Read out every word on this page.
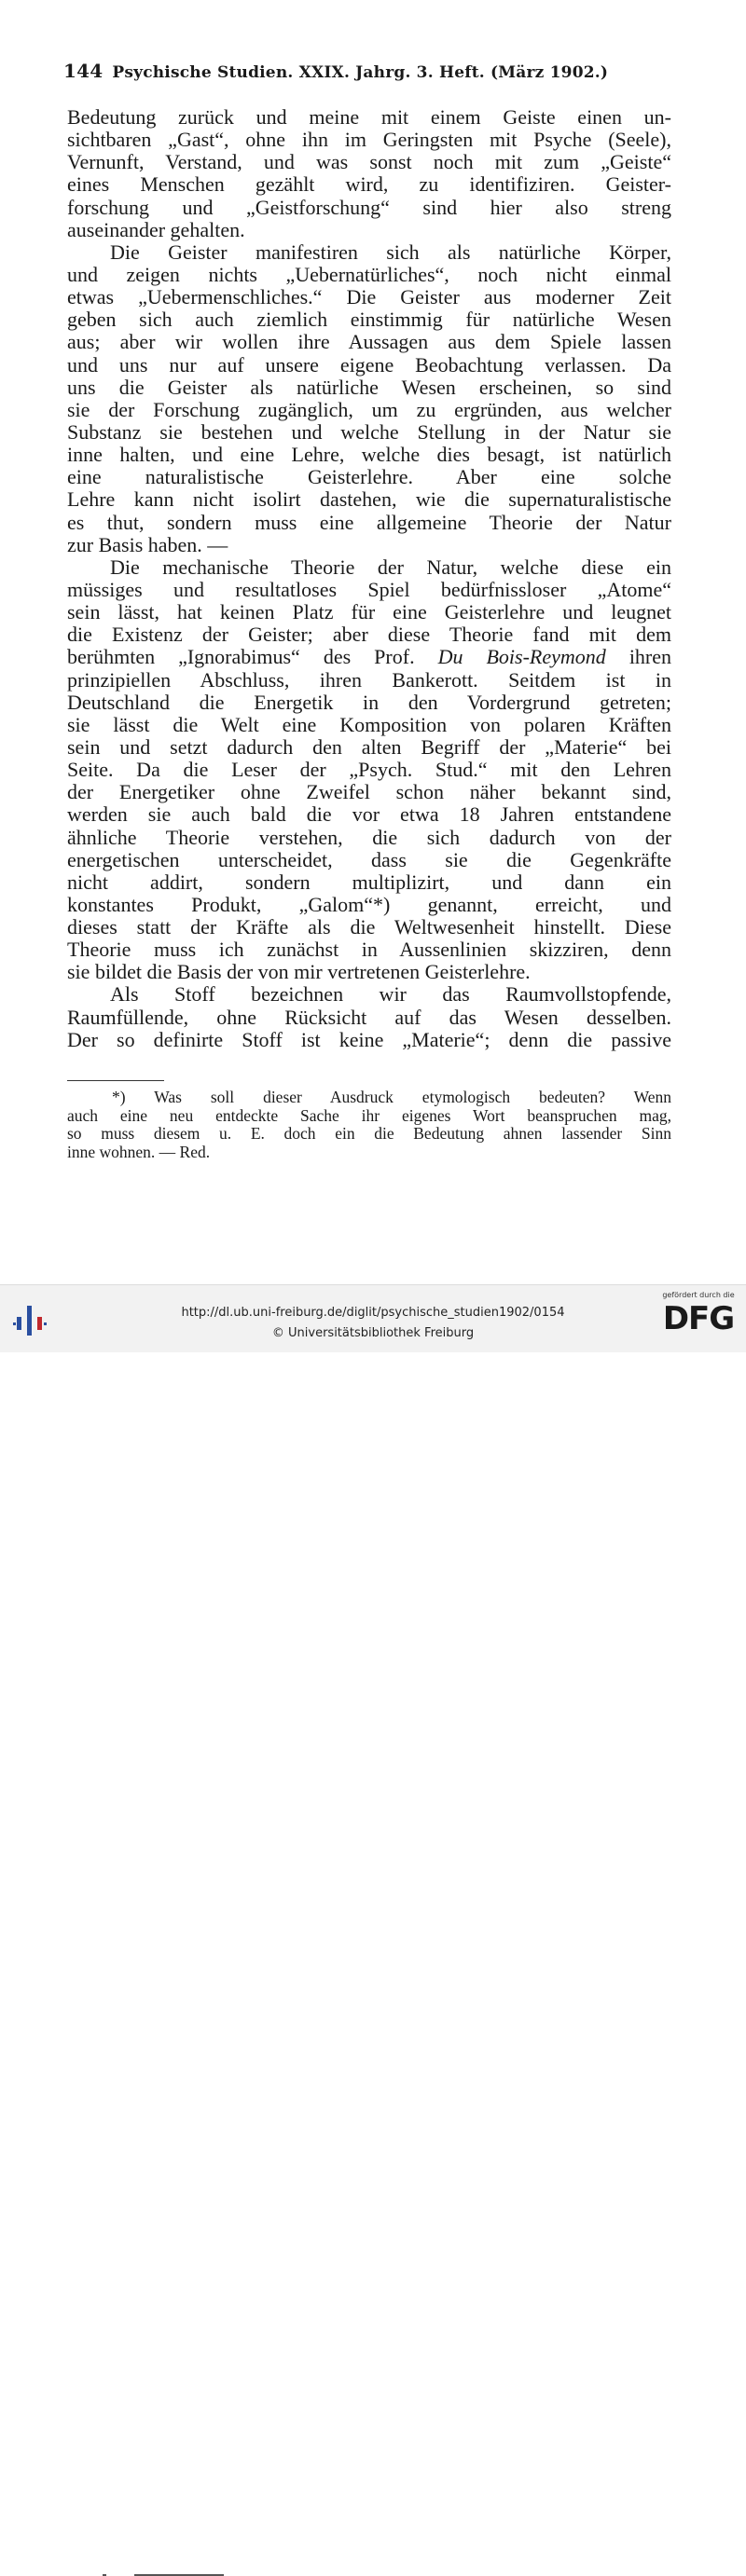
144 Psychische Studien. XXIX. Jahrg. 3. Heft. (März 1902.)
Bedeutung zurück und meine mit einem Geiste einen un-
sichtbaren „Gast“, ohne ihn im Geringsten mit Psyche (Seele),
Vernunft, Verstand, und was sonst noch mit zum „Geiste“
eines Menschen gezählt wird, zu identifiziren. Geister-
forschung und „Geistforschung“ sind hier also streng
auseinander gehalten.
Die Geister manifestiren sich als natürliche Körper,
und zeigen nichts „Uebernatürliches“, noch nicht einmal
etwas „Uebermenschliches.“ Die Geister aus moderner Zeit
geben sich auch ziemlich einstimmig für natürliche Wesen
aus; aber wir wollen ihre Aussagen aus dem Spiele lassen
und uns nur auf unsere eigene Beobachtung verlassen. Da
uns die Geister als natürliche Wesen erscheinen, so sind
sie der Forschung zugänglich, um zu ergründen, aus welcher
Substanz sie bestehen und welche Stellung in der Natur sie
inne halten, und eine Lehre, welche dies besagt, ist natürlich
eine naturalistische Geisterlehre. Aber eine solche
Lehre kann nicht isolirt dastehen, wie die supernaturalistische
es thut, sondern muss eine allgemeine Theorie der Natur
zur Basis haben. —
Die mechanische Theorie der Natur, welche diese ein
müssiges und resultatloses Spiel bedürfnissloser „Atome“
sein lässt, hat keinen Platz für eine Geisterlehre und leugnet
die Existenz der Geister; aber diese Theorie fand mit dem
berühmten „Ignorabimus“ des Prof. Du Bois-Reymond ihren
prinzipiellen Abschluss, ihren Bankerott. Seitdem ist in
Deutschland die Energetik in den Vordergrund getreten;
sie lässt die Welt eine Komposition von polaren Kräften
sein und setzt dadurch den alten Begriff der „Materie“ bei
Seite. Da die Leser der „Psych. Stud.“ mit den Lehren
der Energetiker ohne Zweifel schon näher bekannt sind,
werden sie auch bald die vor etwa 18 Jahren entstandene
ähnliche Theorie verstehen, die sich dadurch von der
energetischen unterscheidet, dass sie die Gegenkräfte
nicht addirt, sondern multiplizirt, und dann ein
konstantes Produkt, „Galom“*) genannt, erreicht, und
dieses statt der Kräfte als die Weltwesenheit hinstellt. Diese
Theorie muss ich zunächst in Aussenlinien skizziren, denn
sie bildet die Basis der von mir vertretenen Geisterlehre.
Als Stoff bezeichnen wir das Raumvollstopfende,
Raumfüllende, ohne Rücksicht auf das Wesen desselben.
Der so definirte Stoff ist keine „Materie“; denn die passive
*) Was soll dieser Ausdruck etymologisch bedeuten? Wenn
auch eine neu entdeckte Sache ihr eigenes Wort beanspruchen mag,
so muss diesem u. E. doch ein die Bedeutung ahnen lassender Sinn
inne wohnen. — Red.
http://dl.ub.uni-freiburg.de/diglit/psychische_studien1902/0154
© Universitätsbibliothek Freiburg
gefördert durch die
DFG
